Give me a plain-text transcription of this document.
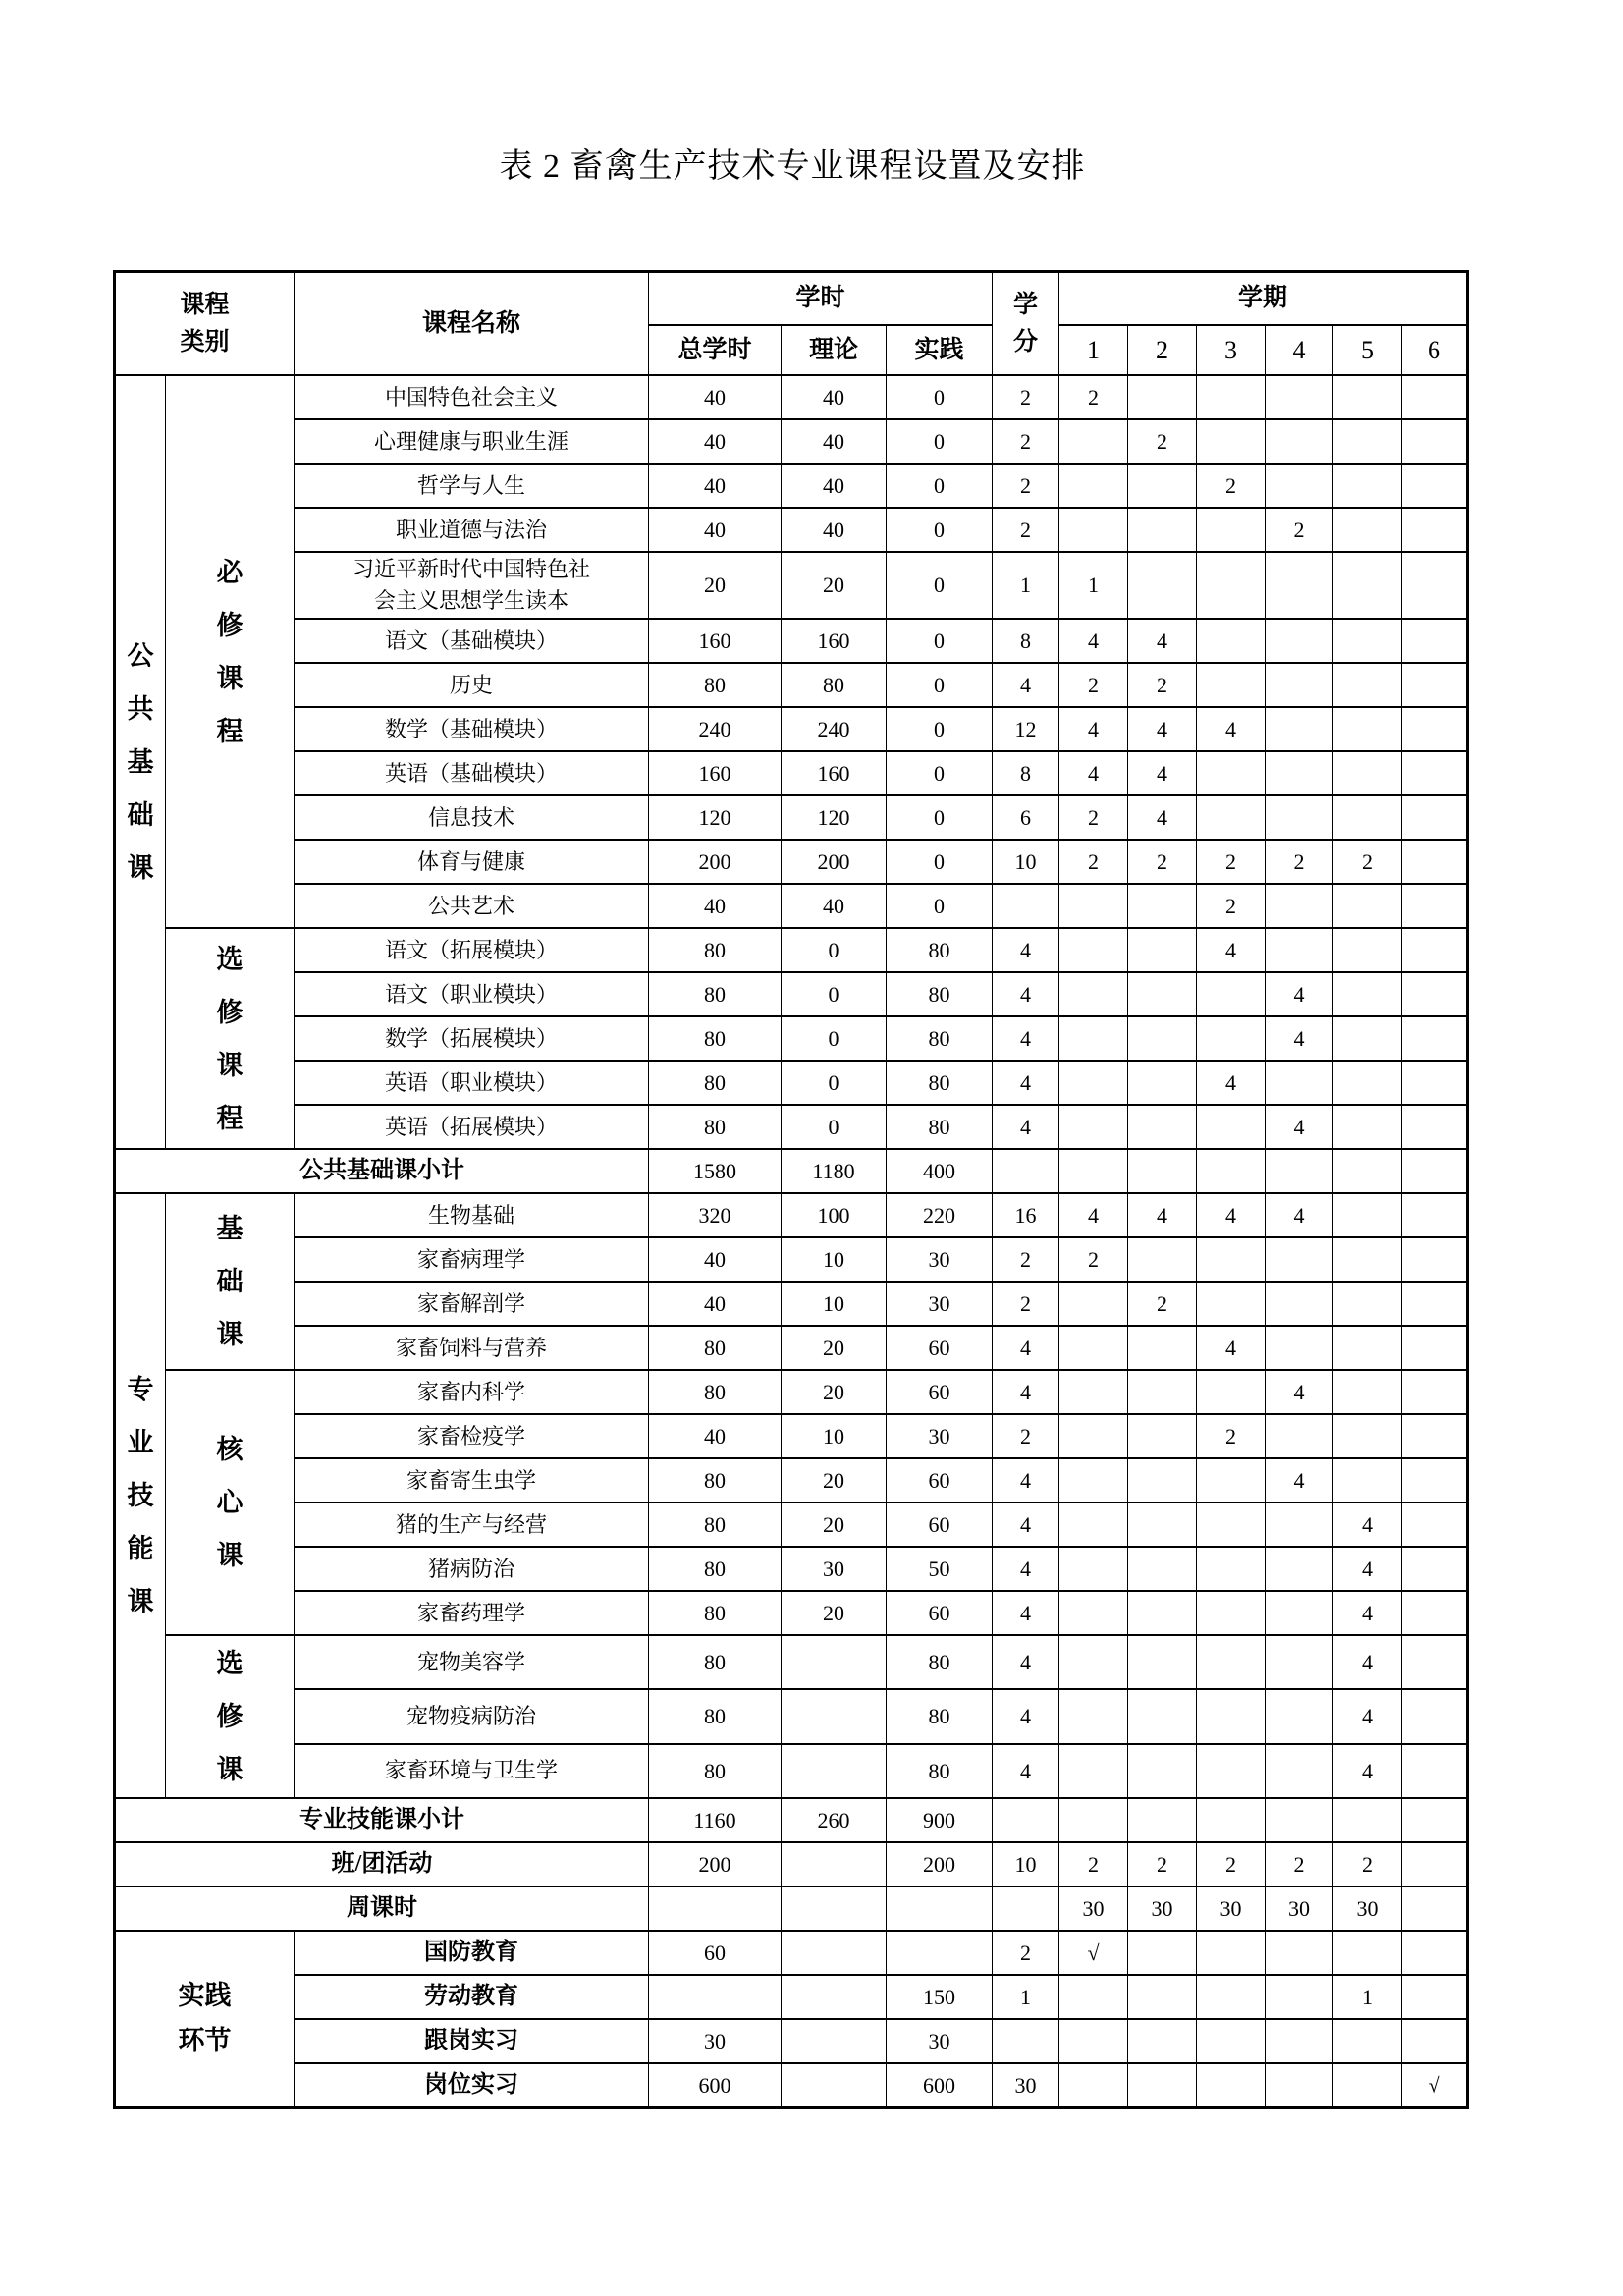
表 2 畜禽生产技术专业课程设置及安排
课程类别		课程名称	学时			学分	学期					
			总学时	理论	实践		1	2	3	4	5	6
公共基础课	必修课程	中国特色社会主义	40	40	0	2	2					
		心理健康与职业生涯	40	40	0	2		2				
		哲学与人生	40	40	0	2			2			
		职业道德与法治	40	40	0	2				2		
		习近平新时代中国特色社会主义思想学生读本	20	20	0	1	1					
		语文（基础模块）	160	160	0	8	4	4				
		历史	80	80	0	4	2	2				
		数学（基础模块）	240	240	0	12	4	4	4			
		英语（基础模块）	160	160	0	8	4	4				
		信息技术	120	120	0	6	2	4				
		体育与健康	200	200	0	10	2	2	2	2	2	
		公共艺术	40	40	0				2			
	选修课程	语文（拓展模块）	80	0	80	4			4			
		语文（职业模块）	80	0	80	4				4		
		数学（拓展模块）	80	0	80	4				4		
		英语（职业模块）	80	0	80	4			4			
		英语（拓展模块）	80	0	80	4				4		
公共基础课小计			1580	1180	400							
专业技能课	基础课	生物基础	320	100	220	16	4	4	4	4		
		家畜病理学	40	10	30	2	2					
		家畜解剖学	40	10	30	2		2				
		家畜饲料与营养	80	20	60	4			4			
	核心课	家畜内科学	80	20	60	4				4		
		家畜检疫学	40	10	30	2			2			
		家畜寄生虫学	80	20	60	4				4		
		猪的生产与经营	80	20	60	4					4	
		猪病防治	80	30	50	4					4	
		家畜药理学	80	20	60	4					4	
	选修课	宠物美容学	80		80	4					4	
		宠物疫病防治	80		80	4					4	
		家畜环境与卫生学	80		80	4					4	
专业技能课小计			1160	260	900							
班/团活动			200		200	10	2	2	2	2	2	
周课时							30	30	30	30	30	
实践环节		国防教育	60			2	√					
		劳动教育			150	1					1	
		跟岗实习	30		30							
		岗位实习	600		600	30						√
